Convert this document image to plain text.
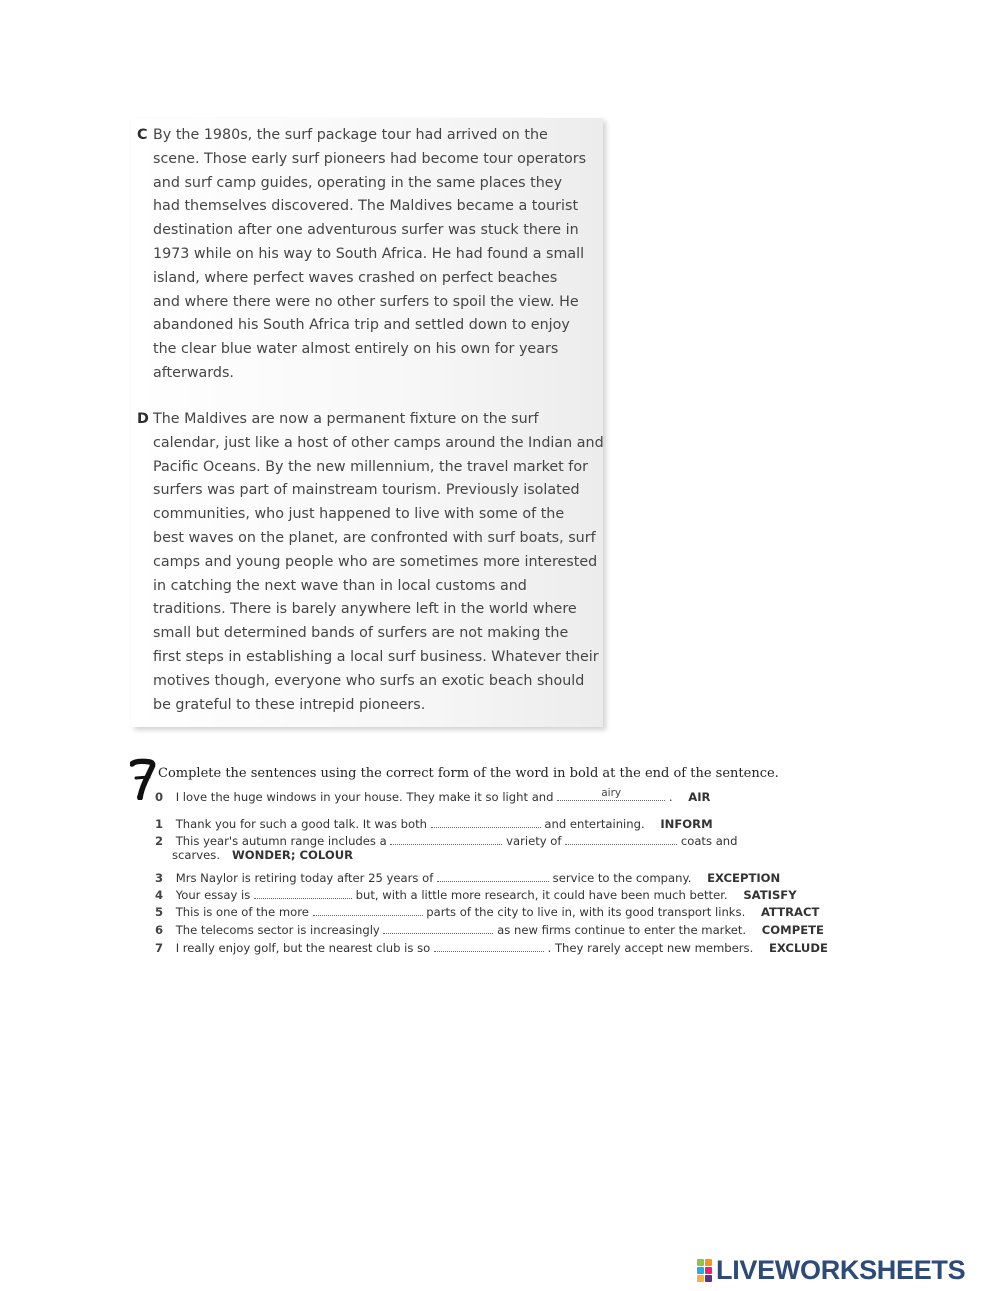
C By the 1980s, the surf package tour had arrived on the
scene. Those early surf pioneers had become tour operators
and surf camp guides, operating in the same places they
had themselves discovered. The Maldives became a tourist
destination after one adventurous surfer was stuck there in
1973 while on his way to South Africa. He had found a small
island, where perfect waves crashed on perfect beaches
and where there were no other surfers to spoil the view. He
abandoned his South Africa trip and settled down to enjoy
the clear blue water almost entirely on his own for years
afterwards.
D The Maldives are now a permanent fixture on the surf
calendar, just like a host of other camps around the Indian and
Pacific Oceans. By the new millennium, the travel market for
surfers was part of mainstream tourism. Previously isolated
communities, who just happened to live with some of the
best waves on the planet, are confronted with surf boats, surf
camps and young people who are sometimes more interested
in catching the next wave than in local customs and
traditions. There is barely anywhere left in the world where
small but determined bands of surfers are not making the
first steps in establishing a local surf business. Whatever their
motives though, everyone who surfs an exotic beach should
be grateful to these intrepid pioneers.
7
Complete the sentences using the correct form of the word in bold at the end of the sentence.
0 I love the huge windows in your house. They make it so light and	airy	. AIR
1 Thank you for such a good talk. It was both	and entertaining. INFORM
2 This year's autumn range includes a	variety of	coats and
scarves. WONDER; COLOUR
3 Mrs Naylor is retiring today after 25 years of	service to the company. EXCEPTION
4 Your essay is	but, with a little more research, it could have been much better. SATISFY
5 This is one of the more	parts of the city to live in, with its good transport links. ATTRACT
6 The telecoms sector is increasingly	as new firms continue to enter the market. COMPETE
7 I really enjoy golf, but the nearest club is so	. They rarely accept new members. EXCLUDE
LIVEWORKSHEETS
